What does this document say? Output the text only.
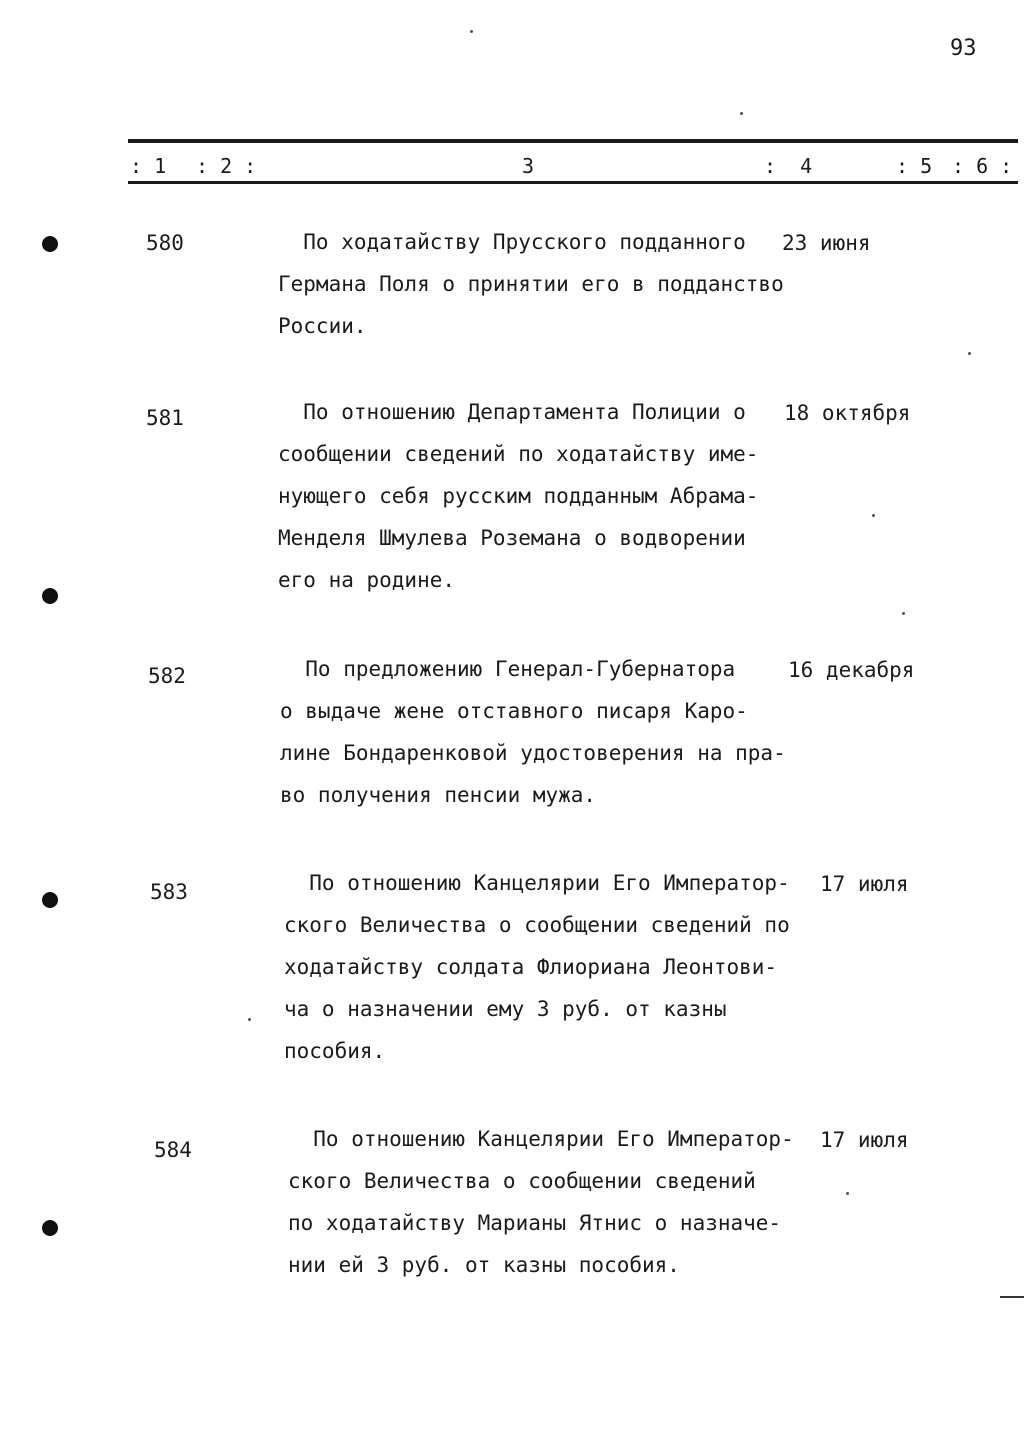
93
: 1 : 2 :	3	:  4	: 5 : 6 :
580	По ходатайству Прусского подданного
Германа Поля о принятии его в подданство
России.
23 июня
581	По отношению Департамента Полиции о
сообщении сведений по ходатайству име-
нующего себя русским подданным Абрама-
Менделя Шмулева Роземана о водворении
его на родине.
18 октября
582	По предложению Генерал-Губернатора
о выдаче жене отставного писаря Каро-
лине Бондаренковой удостоверения на пра-
во получения пенсии мужа.
16 декабря
583	По отношению Канцелярии Его Император-
ского Величества о сообщении сведений по
ходатайству солдата Флиориана Леонтови-
ча о назначении ему 3 руб. от казны
пособия.
17 июля
584	По отношению Канцелярии Его Император-
ского Величества о сообщении сведений
по ходатайству Марианы Ятнис о назначе-
нии ей 3 руб. от казны пособия.
17 июля
